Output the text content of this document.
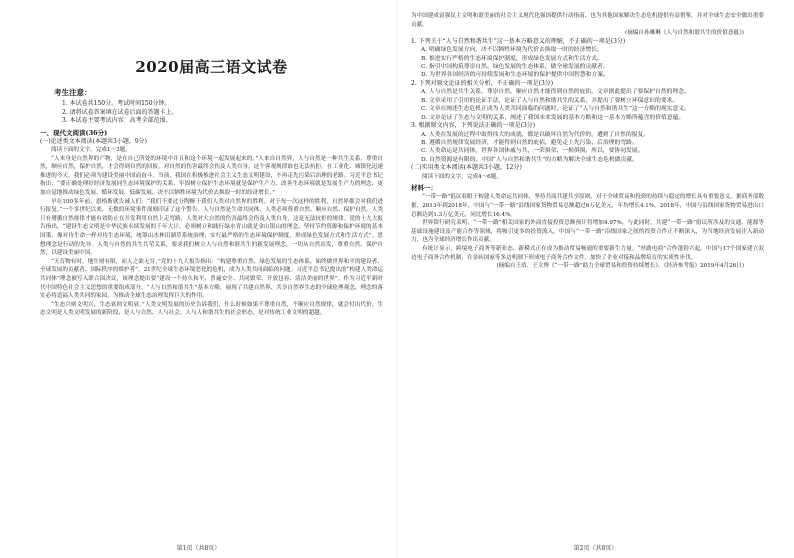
2020届高三语文试卷
考生注意：
1. 本试卷共150分。考试时间150分钟。
2. 请将试卷答案填在试卷后面的答题卡上。
3. 本试卷主要考试内容：高考全部范围。
一、现代文阅读(36分)
(一)论述类文本阅读(本题共3小题，9分)
阅读下面的文字，完成1～3题。
“人本身是自然界的产物，是在自己所处的环境中并且和这个环境一起发展起来的。”人来自自然界，人与自然是一种共生关系，尊重自然，顺应自然，保护自然，才会得到自然的回报。对自然的伤害最终会伤及人类自身，这个客观规律谁也无法抗拒。在工业化、城镇化迅速推进的今天，我们必须为建设美丽中国而奋斗。当前，我国在积极推进社会主义生态文明建设，不再走先污染后治理的老路。习近平总书记指出：“要正确处理好经济发展同生态环境保护的关系，牢固树立保护生态环境就是保护生产力、改善生态环境就是发展生产力的理念，更加自觉地推动绿色发展、循环发展、低碳发展，决不以牺牲环境为代价去换取一时的经济增长。”
早在100多年前，恩格斯就告诫人们：“我们不要过分陶醉于我们人类对自然界的胜利。对于每一次这样的胜利，自然界都会对我们进行报复。”一个多世纪以来，无数的环境事件深刻印证了这个警告。人与自然是生命共同体，人类必须尊重自然、顺应自然、保护自然。人类只有遵循自然规律才能有效防止在开发利用自然上走弯路，人类对大自然的伤害最终会伤及人类自身，这是无法抗拒的规律。党的十九大报告指出，“建设生态文明是中华民族永续发展的千年大计，必须树立和践行绿水青山就是金山银山的理念，坚持节约资源和保护环境的基本国策，像对待生命一样对待生态环境，统筹山水林田湖草系统治理，实行最严格的生态环境保护制度，形成绿色发展方式和生活方式”。思想理念是行动的先导。人类与自然的共生共荣关系，要求我们树立人与自然和谐共生的新发展理念，一切从自然出发，尊重自然、保护自然，以建设美丽中国。
“天育物有时，地生财有限，而人之欲无穷。”党的十九大报告指出：“构建尊重自然、绿色发展的生态体系，始终做世界和平的建设者、全球发展的贡献者、国际秩序的维护者”。21世纪全球生态环境恶化的危机，成为人类共同面临的问题。习近平总书记提出的“构建人类命运共同体”理念被写入联合国决议，该理念提出要“建设一个持久和平、普遍安全、共同繁荣、开放包容、清洁美丽的世界”。作为习近平新时代中国特色社会主义思想的重要组成部分，“人与自然和谐共生”基本方略，展现了共建自然界、共享自然界生态的全球伦理观念，理念的落实必将造福人类共同的家园，为推动全球生态治理发挥巨大的作用。
“生态兴则文明兴，生态衰则文明衰。”人类文明发展的历史告诉我们，什么时候如果不尊重自然，不顺应自然规律，就会付出代价。生态文明是人类文明发展的新阶段，是人与自然、人与社会、人与人和谐共生的社会形态，是对传统工业文明的超越。
第1页（共8页）
为中国建成富强民主文明和谐美丽的社会主义现代化强国提供行动指南，也为其他国家解决生态危机提供有益借鉴，并对全球生态安全做出重要贡献。
(摘编自孙琳琳《人与自然和谐共生的价值意蕴》)
1. 下列关于“人与自然和谐共生”这一基本方略意义的理解，不正确的一项是(3分)
A. 明确绿色发展方向，决不以牺牲环境为代价去换取一时的经济增长。
B. 推进实行严格的生态环境保护制度，形成绿色发展方式和生活方式。
C. 指引中国构筑尊崇自然、绿色发展的生态体系，做全球发展的贡献者。
D. 为世界各国经济的可持续发展和生态环境的保护提供中国智慧和方案。
2. 下列对原文论证的相关分析，不正确的一项是(3分)
A. 人与自然是共生关系，尊崇自然、顺应自然才能得到自然的庇佑，文章据此提出了要保护自然的理念。
B. 文章采用了引用的论证手法，论证了人与自然和谐共生的关系，并提出了要树立环保意识的要求。
C. 文章在阐述生态危机正成为人类共同面临的问题时，论证了“人与自然和谐共生”这一方略的现实意义。
D. 文章论证了生态与文明的关系，阐述了我国未来发展的基本方略和这一基本方略所蕴含的价值意蕴。
3. 根据原文内容，下列说法正确的一项是(3分)
A. 人类在发展的过程中取得伟大的成就，都是以破坏自然为代价的，遭到了自然的报复。
B. 遵循自然规律发展经济，才能得到自然的庇佑，避免走上先污染、后治理的弯路。
C. 人类命运是共同体，世界各国休戚与共，一荣俱荣、一损俱损，所以，要协同发展。
D. 自然资源是有限的，中国“人与自然和谐共生”的方略为解决全球生态危机做贡献。
(二)实用类文本阅读(本题共3小题，12分)
阅读下面的文字，完成4～6题。
材料一：
“一带一路”倡议着眼于构建人类命运共同体，坚持共商共建共享原则，对于全球贸易和投资的持续与稳定的增长具有重要意义。据商务部数据，2013年到2018年，中国与“一带一路”沿线国家货物贸易总额超过6万亿美元，年均增长4.1%。2018年，中国与沿线国家货物贸易进出口总额达到1.3万亿美元，同比增长16.4%。
世界银行研究表明，“一带一路”相关国家的外商直接投资总额预计将增加4.97%。与此同时，共建“一带一路”倡议所涉及的交通、能源等基础设施建设及产能合作等领域，将吸引更多的投资流入。中国与“一带一路”沿线国家之间的投资合作正不断深入，为当地经济发展注入新动力，也为全球经济增长作出贡献。
有统计显示，跨境电子商务等新业态、新模式正在成为推动贸易畅通的重要新生力量。“丝路电商”合作蓬勃兴起，中国与17个国家建立双边电子商务合作机制，在金砖国家等多边机制下形成电子商务合作文件，加快了企业对接和品牌培育的实质性步伐。
(摘编自王靖、王文博《“一带一路”助力全球贸易和投资持续增长》，《经济参考报》2019年4月26日)
第2页（共8页）
